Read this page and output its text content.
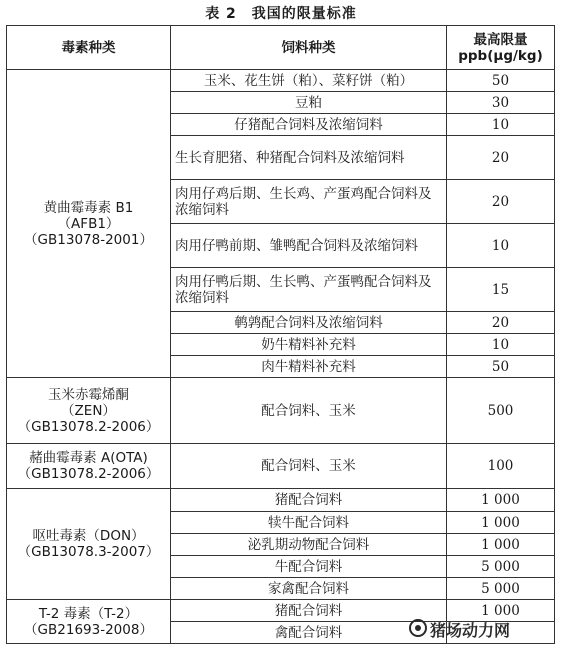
表 2　我国的限量标准
毒素种类	饲料种类	最高限量
ppb(μg/kg)

黄曲霉毒素 B1
（AFB1）
（GB13078-2001）	玉米、花生饼（粕）、菜籽饼（粕）	50
	豆粕	30
	仔猪配合饲料及浓缩饲料	10
	生长育肥猪、种猪配合饲料及浓缩饲料	20
	肉用仔鸡后期、生长鸡、产蛋鸡配合饲料及浓缩饲料	20
	肉用仔鸭前期、雏鸭配合饲料及浓缩饲料	10
	肉用仔鸭后期、生长鸭、产蛋鸭配合饲料及浓缩饲料	15
	鹌鹑配合饲料及浓缩饲料	20
	奶牛精料补充料	10
	肉牛精料补充料	50

玉米赤霉烯酮
（ZEN）
（GB13078.2-2006）	配合饲料、玉米	500

赭曲霉毒素 A(OTA)
（GB13078.2-2006）	配合饲料、玉米	100

呕吐毒素（DON）
（GB13078.3-2007）	猪配合饲料	1 000
	犊牛配合饲料	1 000
	泌乳期动物配合饲料	1 000
	牛配合饲料	5 000
	家禽配合饲料	5 000

T-2 毒素（T-2）
（GB21693-2008）	猪配合饲料	1 000
	禽配合饲料		猪场动力网
